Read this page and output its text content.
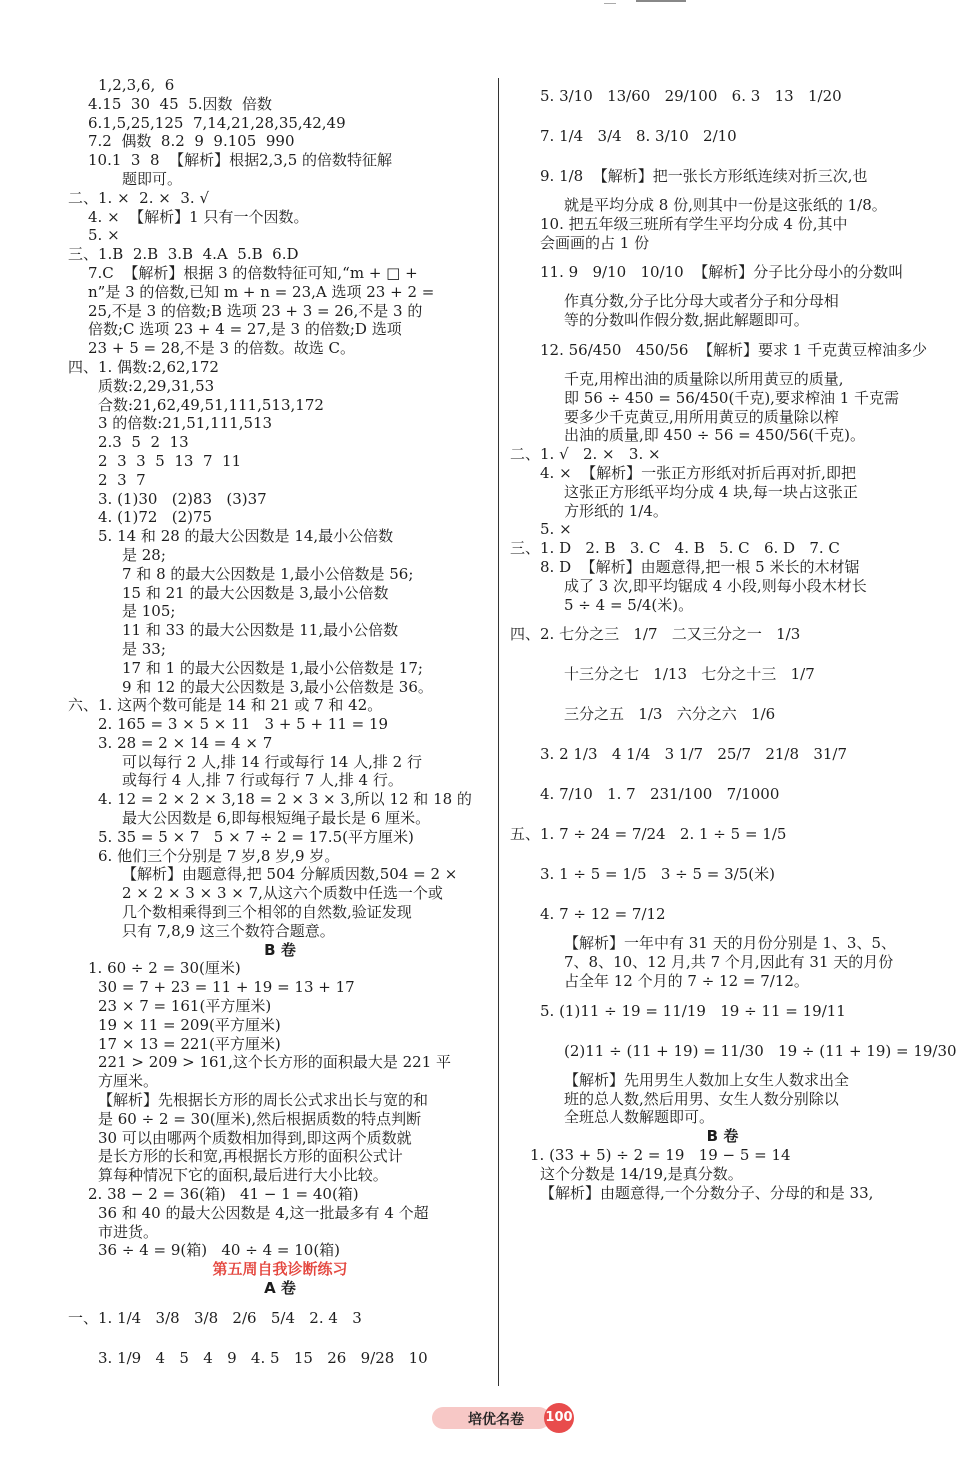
1,2,3,6,  6
4.15  30  45  5.因数  倍数
6.1,5,25,125  7,14,21,28,35,42,49
7.2  偶数  8.2  9  9.105  990
10.1  3  8  【解析】根据2,3,5 的倍数特征解
题即可。
二、1. ×  2. ×  3. √
4. ×  【解析】1 只有一个因数。
5. ×
三、1.B  2.B  3.B  4.A  5.B  6.D
7.C  【解析】根据 3 的倍数特征可知,“m + □ +
n”是 3 的倍数,已知 m + n = 23,A 选项 23 + 2 =
25,不是 3 的倍数;B 选项 23 + 3 = 26,不是 3 的
倍数;C 选项 23 + 4 = 27,是 3 的倍数;D 选项
23 + 5 = 28,不是 3 的倍数。故选 C。
四、1. 偶数:2,62,172
质数:2,29,31,53
合数:21,62,49,51,111,513,172
3 的倍数:21,51,111,513
2.3  5  2  13
2  3  3  5  13  7  11
2  3  7
3. (1)30   (2)83   (3)37
4. (1)72   (2)75
5. 14 和 28 的最大公因数是 14,最小公倍数
是 28;
7 和 8 的最大公因数是 1,最小公倍数是 56;
15 和 21 的最大公因数是 3,最小公倍数
是 105;
11 和 33 的最大公因数是 11,最小公倍数
是 33;
17 和 1 的最大公因数是 1,最小公倍数是 17;
9 和 12 的最大公因数是 3,最小公倍数是 36。
六、1. 这两个数可能是 14 和 21 或 7 和 42。
2. 165 = 3 × 5 × 11   3 + 5 + 11 = 19
3. 28 = 2 × 14 = 4 × 7
可以每行 2 人,排 14 行或每行 14 人,排 2 行
或每行 4 人,排 7 行或每行 7 人,排 4 行。
4. 12 = 2 × 2 × 3,18 = 2 × 3 × 3,所以 12 和 18 的
最大公因数是 6,即每根短绳子最长是 6 厘米。
5. 35 = 5 × 7   5 × 7 ÷ 2 = 17.5(平方厘米)
6. 他们三个分别是 7 岁,8 岁,9 岁。
【解析】由题意得,把 504 分解质因数,504 = 2 ×
2 × 2 × 3 × 3 × 7,从这六个质数中任选一个或
几个数相乘得到三个相邻的自然数,验证发现
只有 7,8,9 这三个数符合题意。
B 卷
1. 60 ÷ 2 = 30(厘米)
30 = 7 + 23 = 11 + 19 = 13 + 17
23 × 7 = 161(平方厘米)
19 × 11 = 209(平方厘米)
17 × 13 = 221(平方厘米)
221 > 209 > 161,这个长方形的面积最大是 221 平
方厘米。
【解析】先根据长方形的周长公式求出长与宽的和
是 60 ÷ 2 = 30(厘米),然后根据质数的特点判断
30 可以由哪两个质数相加得到,即这两个质数就
是长方形的长和宽,再根据长方形的面积公式计
算每种情况下它的面积,最后进行大小比较。
2. 38 − 2 = 36(箱)   41 − 1 = 40(箱)
36 和 40 的最大公因数是 4,这一批最多有 4 个超
市进货。
36 ÷ 4 = 9(箱)   40 ÷ 4 = 10(箱)
第五周自我诊断练习
A 卷
一、1. 1/4   3/8   3/8   2/6   5/4   2. 4   3
3. 1/9   4   5   4   9   4. 5   15   26   9/28   10
5. 3/10   13/60   29/100   6. 3   13   1/20
7. 1/4   3/4   8. 3/10   2/10
9. 1/8  【解析】把一张长方形纸连续对折三次,也
就是平均分成 8 份,则其中一份是这张纸的 1/8。
10. 把五年级三班所有学生平均分成 4 份,其中
会画画的占 1 份
11. 9   9/10   10/10  【解析】分子比分母小的分数叫
作真分数,分子比分母大或者分子和分母相
等的分数叫作假分数,据此解题即可。
12. 56/450   450/56  【解析】要求 1 千克黄豆榨油多少
千克,用榨出油的质量除以所用黄豆的质量,
即 56 ÷ 450 = 56/450(千克),要求榨油 1 千克需
要多少千克黄豆,用所用黄豆的质量除以榨
出油的质量,即 450 ÷ 56 = 450/56(千克)。
二、1. √   2. ×   3. ×
4. ×  【解析】一张正方形纸对折后再对折,即把
这张正方形纸平均分成 4 块,每一块占这张正
方形纸的 1/4。
5. ×
三、1. D   2. B   3. C   4. B   5. C   6. D   7. C
8. D  【解析】由题意得,把一根 5 米长的木材锯
成了 3 次,即平均锯成 4 小段,则每小段木材长
5 ÷ 4 = 5/4(米)。
四、2. 七分之三   1/7   二又三分之一   1/3
十三分之七   1/13   七分之十三   1/7
三分之五   1/3   六分之六   1/6
3. 2 1/3   4 1/4   3 1/7   25/7   21/8   31/7
4. 7/10   1. 7   231/100   7/1000
五、1. 7 ÷ 24 = 7/24   2. 1 ÷ 5 = 1/5
3. 1 ÷ 5 = 1/5   3 ÷ 5 = 3/5(米)
4. 7 ÷ 12 = 7/12
【解析】一年中有 31 天的月份分别是 1、3、5、
7、8、10、12 月,共 7 个月,因此有 31 天的月份
占全年 12 个月的 7 ÷ 12 = 7/12。
5. (1)11 ÷ 19 = 11/19   19 ÷ 11 = 19/11
(2)11 ÷ (11 + 19) = 11/30   19 ÷ (11 + 19) = 19/30
【解析】先用男生人数加上女生人数求出全
班的总人数,然后用男、女生人数分别除以
全班总人数解题即可。
B 卷
1. (33 + 5) ÷ 2 = 19   19 − 5 = 14
这个分数是 14/19,是真分数。
【解析】由题意得,一个分数分子、分母的和是 33,
培优名卷 100
